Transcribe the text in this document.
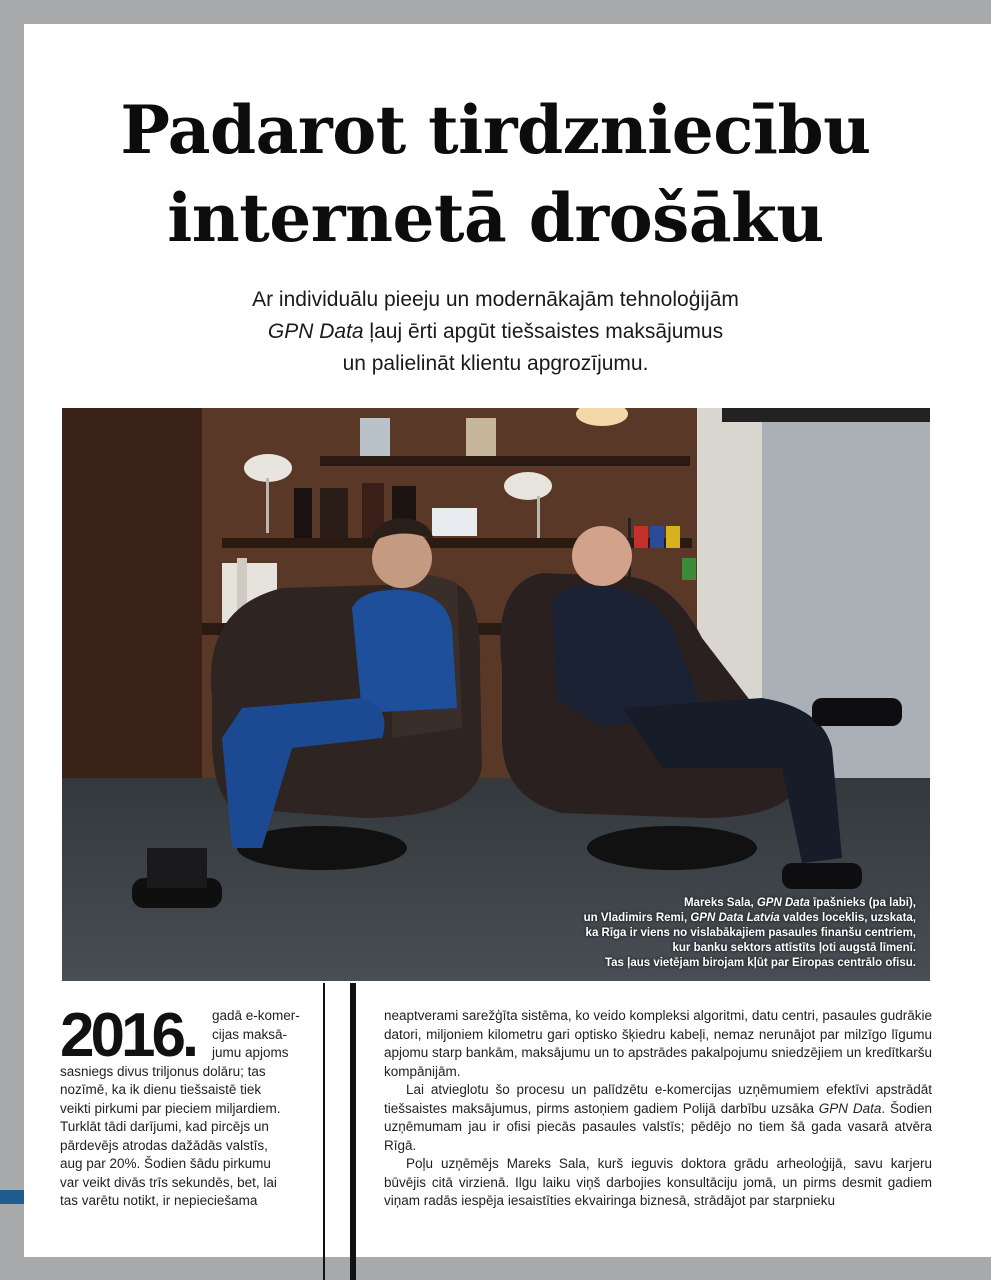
Padarot tirdzniecību
internetā drošāku

Ar individuālu pieeju un modernākajām tehnoloģijām
GPN Data ļauj ērti apgūt tiešsaistes maksājumus
un palielināt klientu apgrozījumu.

Mareks Sala, GPN Data īpašnieks (pa labi),
un Vladimirs Remi, GPN Data Latvia valdes loceklis, uzskata,
ka Rīga ir viens no vislabākajiem pasaules finanšu centriem,
kur banku sektors attīstīts ļoti augstā līmenī.
Tas ļaus vietējam birojam kļūt par Eiropas centrālo ofisu.
2016.	gadā e-komer-
cijas maksā-
jumu apjoms
sasniegs divus triljonus dolāru; tas
nozīmē, ka ik dienu tiešsaistē tiek
veikti pirkumi par pieciem miljardiem.
Turklāt tādi darījumi, kad pircējs un
pārdevējs atrodas dažādās valstīs,
aug par 20%. Šodien šādu pirkumu
var veikt divās trīs sekundēs, bet, lai
tas varētu notikt, ir nepieciešama

neaptverami sarežģīta sistēma, ko veido kompleksi algoritmi, datu centri, pasaules gudrākie datori, miljoniem kilometru gari optisko šķiedru kabeļi, nemaz nerunājot par milzīgo līgumu apjomu starp bankām, maksājumu un to apstrādes pakalpojumu sniedzējiem un kredītkaršu kompānijām.

Lai atvieglotu šo procesu un palīdzētu e-komercijas uzņēmumiem efektīvi apstrādāt tiešsaistes maksājumus, pirms astoņiem gadiem Polijā darbību uzsāka GPN Data. Šodien uzņēmumam jau ir ofisi piecās pasaules valstīs; pēdējo no tiem šā gada vasarā atvēra Rīgā.

Poļu uzņēmējs Mareks Sala, kurš ieguvis doktora grādu arheoloģijā, savu karjeru būvējis citā virzienā. Ilgu laiku viņš darbojies konsultāciju jomā, un pirms desmit gadiem viņam radās iespēja iesaistīties ekvairinga biznesā, strādājot par starpnieku
